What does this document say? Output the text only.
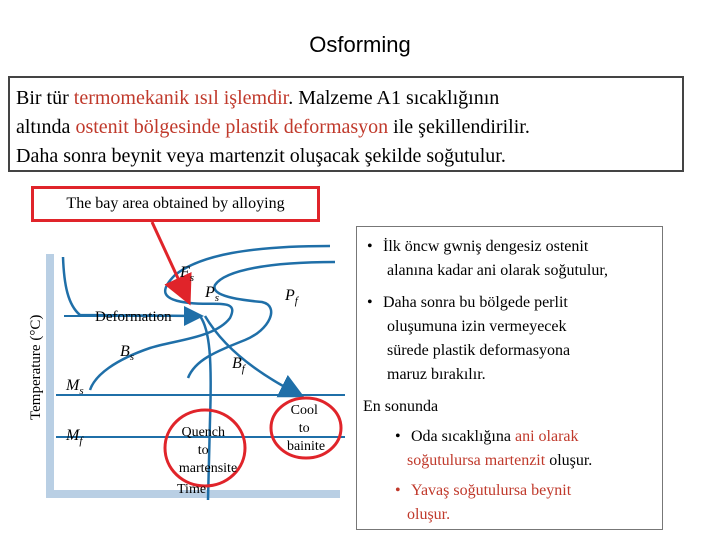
Osforming
Bir tür termomekanik ısıl işlemdir. Malzeme A1 sıcaklığının
altında ostenit bölgesinde plastik deformasyon ile şekillendirilir.
Daha sonra beynit veya martenzit oluşacak şekilde soğutulur.
Temperature (°C)
Time
Deformation
$F_s$
$P_s$	$P_f$
$B_s$	$B_f$
$M_s$
$M_f$
Quench to martensite
Cool to bainite
The bay area obtained by alloying
• İlk öncw gwniş dengesiz ostenit
alanına kadar ani olarak soğutulur,
• Daha sonra bu bölgede perlit
oluşumuna izin vermeyecek
sürede plastik deformasyona
maruz bırakılır.
En sonunda
• Oda sıcaklığına ani olarak
soğutulursa martenzit oluşur.
• Yavaş soğutulursa beynit
oluşur.
